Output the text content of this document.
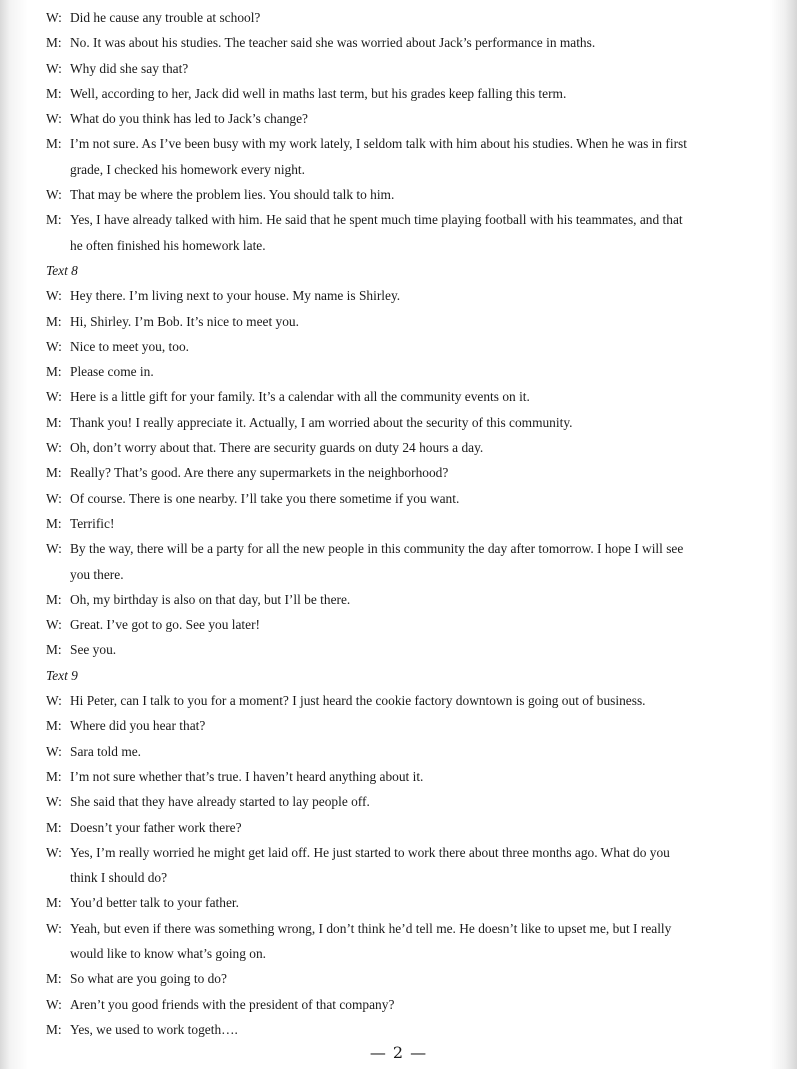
W: Did he cause any trouble at school?
M: No. It was about his studies. The teacher said she was worried about Jack’s performance in maths.
W: Why did she say that?
M: Well, according to her, Jack did well in maths last term, but his grades keep falling this term.
W: What do you think has led to Jack’s change?
M: I’m not sure. As I’ve been busy with my work lately, I seldom talk with him about his studies. When he was in first
grade, I checked his homework every night.
W: That may be where the problem lies. You should talk to him.
M: Yes, I have already talked with him. He said that he spent much time playing football with his teammates, and that
he often finished his homework late.
Text 8
W: Hey there. I’m living next to your house. My name is Shirley.
M: Hi, Shirley. I’m Bob. It’s nice to meet you.
W: Nice to meet you, too.
M: Please come in.
W: Here is a little gift for your family. It’s a calendar with all the community events on it.
M: Thank you! I really appreciate it. Actually, I am worried about the security of this community.
W: Oh, don’t worry about that. There are security guards on duty 24 hours a day.
M: Really? That’s good. Are there any supermarkets in the neighborhood?
W: Of course. There is one nearby. I’ll take you there sometime if you want.
M: Terrific!
W: By the way, there will be a party for all the new people in this community the day after tomorrow. I hope I will see
you there.
M: Oh, my birthday is also on that day, but I’ll be there.
W: Great. I’ve got to go. See you later!
M: See you.
Text 9
W: Hi Peter, can I talk to you for a moment? I just heard the cookie factory downtown is going out of business.
M: Where did you hear that?
W: Sara told me.
M: I’m not sure whether that’s true. I haven’t heard anything about it.
W: She said that they have already started to lay people off.
M: Doesn’t your father work there?
W: Yes, I’m really worried he might get laid off. He just started to work there about three months ago. What do you
think I should do?
M: You’d better talk to your father.
W: Yeah, but even if there was something wrong, I don’t think he’d tell me. He doesn’t like to upset me, but I really
would like to know what’s going on.
M: So what are you going to do?
W: Aren’t you good friends with the president of that company?
M: Yes, we used to work togeth….
— 2 —
